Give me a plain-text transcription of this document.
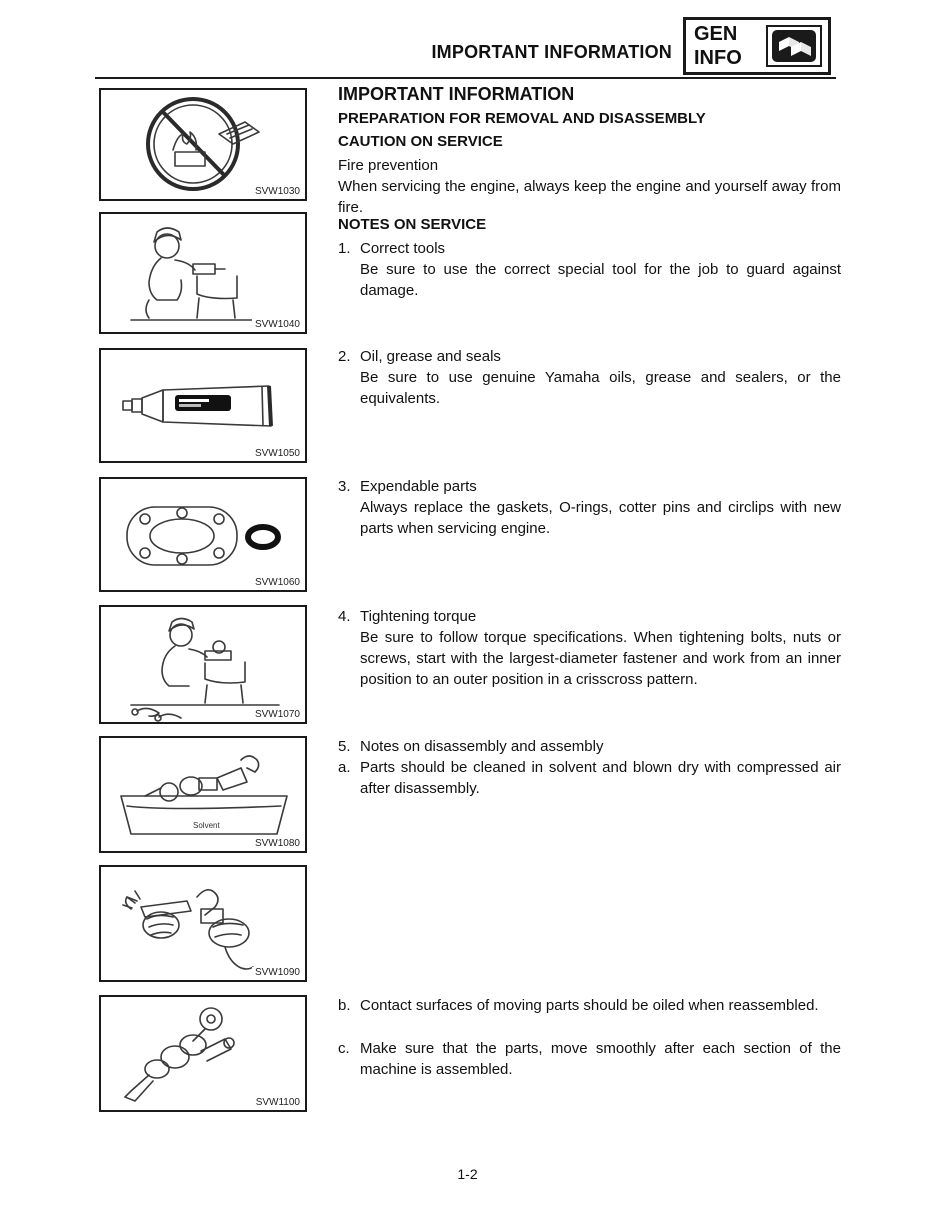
IMPORTANT INFORMATION
GEN
INFO
SVW1030
SVW1040
SVW1050
SVW1060
SVW1070
Solvent
SVW1080
SVW1090
SVW1100
IMPORTANT INFORMATION
PREPARATION FOR REMOVAL AND DISASSEMBLY
CAUTION ON SERVICE
Fire prevention
When servicing the engine, always keep the engine and yourself away from fire.
NOTES ON SERVICE
1. Correct tools
Be sure to use the correct special tool for the job to guard against damage.
2. Oil, grease and seals
Be sure to use genuine Yamaha oils, grease and sealers, or the equivalents.
3. Expendable parts
Always replace the gaskets, O-rings, cotter pins and circlips with new parts when servicing engine.
4. Tightening torque
Be sure to follow torque specifications. When tightening bolts, nuts or screws, start with the largest-diameter fastener and work from an inner position to an outer position in a crisscross pattern.
5. Notes on disassembly and assembly
a. Parts should be cleaned in solvent and blown dry with compressed air after disassembly.
b. Contact surfaces of moving parts should be oiled when reassembled.
c. Make sure that the parts, move smoothly after each section of the machine is assembled.
1-2
